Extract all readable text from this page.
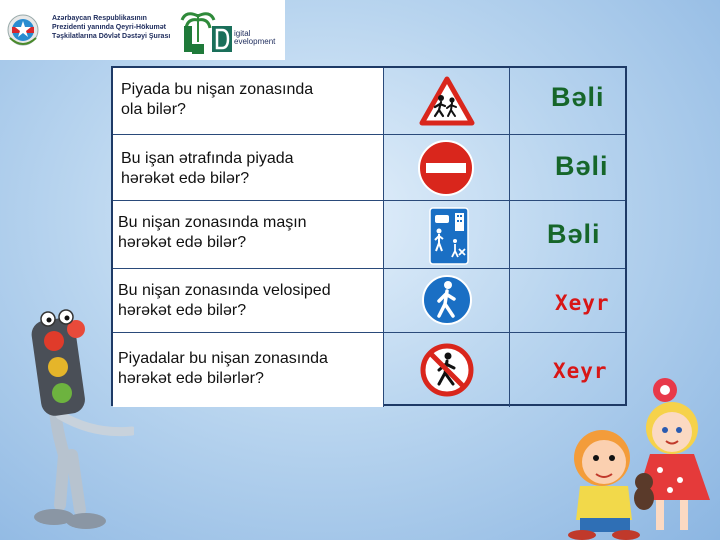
Azərbaycan Respublikasının
Prezidenti yanında Qeyri-Hökumət
Təşkilatlarına Dövlət Dəstəyi Şurası	igital
evelopment
Piyada bu nişan zonasında
ola bilər?	Bəli
Bu işan ətrafında piyada
hərəkət edə bilər?	Bəli
Bu nişan zonasında maşın
hərəkət edə bilər?	Bəli
Bu nişan zonasında velosiped
hərəkət edə bilər?	Xeyr
Piyadalar bu nişan zonasında
hərəkət edə bilərlər?	Xeyr
